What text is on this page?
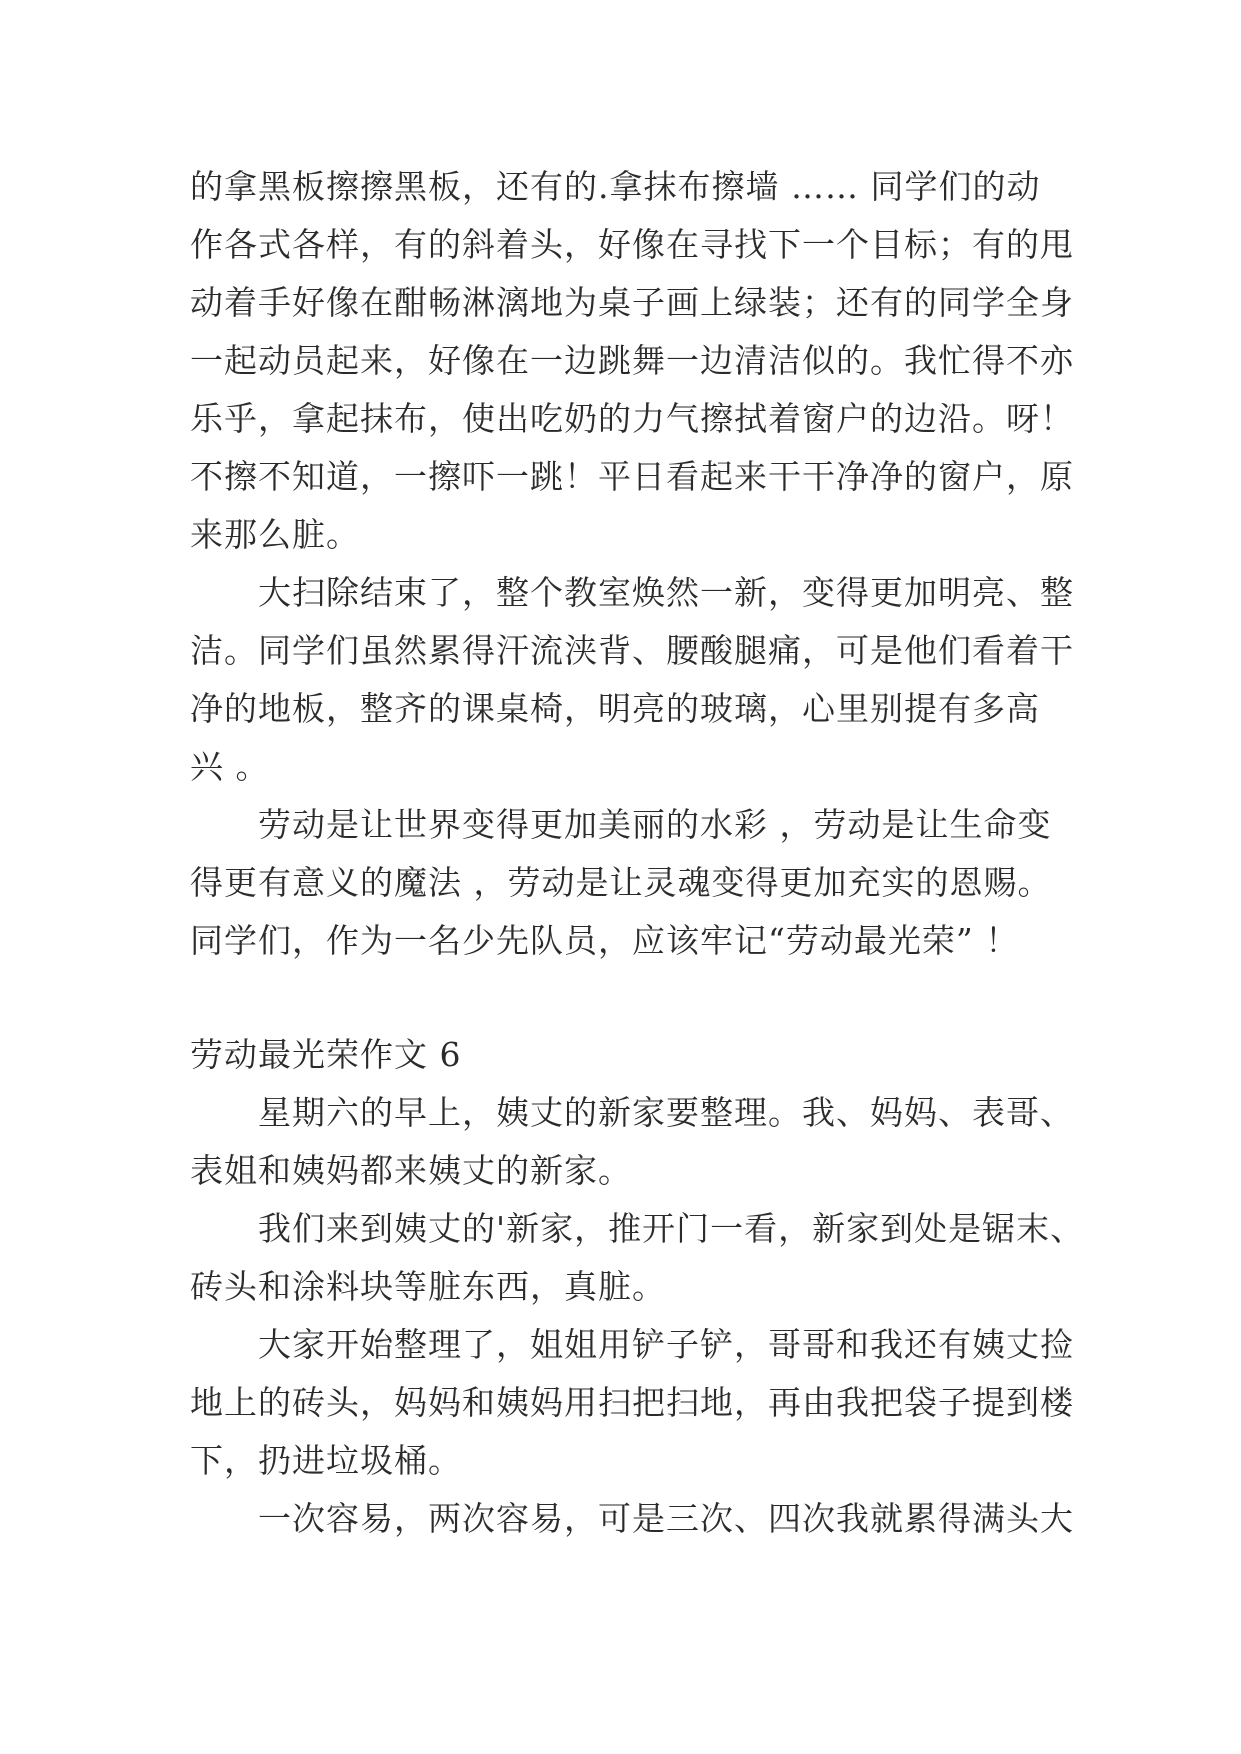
的拿黑板擦擦黑板，还有的.拿抹布擦墙 …… 同学们的动
作各式各样，有的斜着头，好像在寻找下一个目标；有的甩
动着手好像在酣畅淋漓地为桌子画上绿装；还有的同学全身
一起动员起来，好像在一边跳舞一边清洁似的。我忙得不亦
乐乎，拿起抹布，使出吃奶的力气擦拭着窗户的边沿。呀！
不擦不知道，一擦吓一跳！平日看起来干干净净的窗户，原
来那么脏。
大扫除结束了，整个教室焕然一新，变得更加明亮、整
洁。同学们虽然累得汗流浃背、腰酸腿痛，可是他们看着干
净的地板，整齐的课桌椅，明亮的玻璃，心里别提有多高
兴 。
劳动是让世界变得更加美丽的水彩 ，劳动是让生命变
得更有意义的魔法 ，劳动是让灵魂变得更加充实的恩赐。
同学们，作为一名少先队员，应该牢记“劳动最光荣” ！
劳动最光荣作文 6
星期六的早上，姨丈的新家要整理。我、妈妈、表哥、
表姐和姨妈都来姨丈的新家。
我们来到姨丈的'新家，推开门一看，新家到处是锯末、
砖头和涂料块等脏东西，真脏。
大家开始整理了，姐姐用铲子铲，哥哥和我还有姨丈捡
地上的砖头，妈妈和姨妈用扫把扫地，再由我把袋子提到楼
下，扔进垃圾桶。
一次容易，两次容易，可是三次、四次我就累得满头大
